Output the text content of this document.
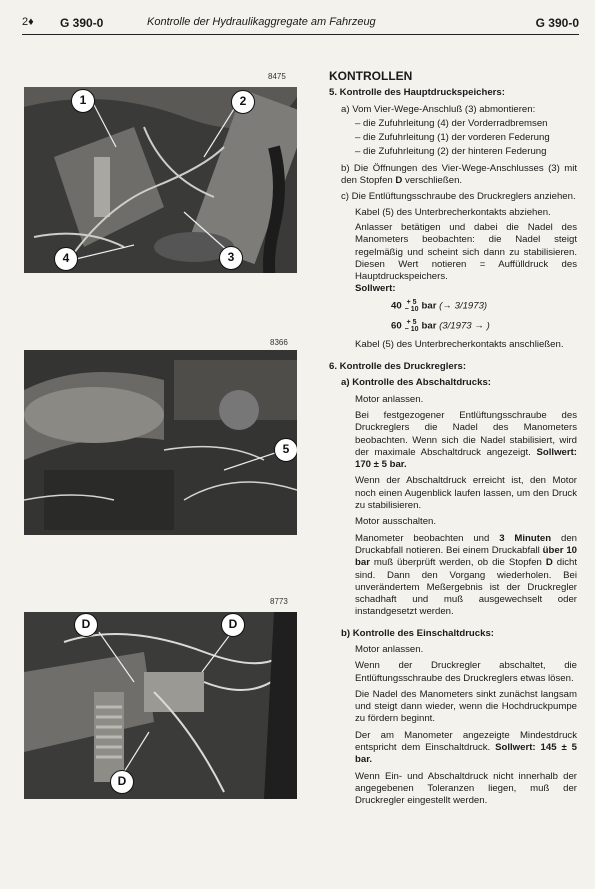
2♦ G 390-0	Kontrolle der Hydraulikaggregate am Fahrzeug	G 390-0
8475
1	2
3
4
8366
5
8773
D	D
D

KONTROLLEN

5. Kontrolle des Hauptdruckspeichers:

a) Vom Vier-Wege-Anschluß (3) abmontieren:

– die Zufuhrleitung (4) der Vorderradbremsen

– die Zufuhrleitung (1) der vorderen Federung

– die Zufuhrleitung (2) der hinteren Federung

b) Die Öffnungen des Vier-Wege-Anschlusses (3) mit den Stopfen D verschließen.

c) Die Entlüftungsschraube des Druckreglers anziehen.

Kabel (5) des Unterbrecherkontakts abziehen.

Anlasser betätigen und dabei die Nadel des Manometers beobachten: die Nadel steigt regelmäßig und scheint sich dann zu stabilisieren. Diesen Wert notieren = Auffülldruck des Hauptdruckspeichers.

Sollwert:

40 + 5
− 10 bar (→ 3/1973)

60 + 5
− 10 bar (3/1973 → )

Kabel (5) des Unterbrecherkontakts anschließen.

6. Kontrolle des Druckreglers:

a) Kontrolle des Abschaltdrucks:

Motor anlassen.

Bei festgezogener Entlüftungsschraube des Druckreglers die Nadel des Manometers beobachten. Wenn sich die Nadel stabilisiert, wird der maximale Abschaltdruck angezeigt. Sollwert: 170 ± 5 bar.

Wenn der Abschaltdruck erreicht ist, den Motor noch einen Augenblick laufen lassen, um den Druck zu stabilisieren.

Motor ausschalten.

Manometer beobachten und 3 Minuten den Druckabfall notieren. Bei einem Druckabfall über 10 bar muß überprüft werden, ob die Stopfen D dicht sind. Dann den Vorgang wiederholen. Bei unverändertem Meßergebnis ist der Druckregler schadhaft und muß ausgewechselt oder instandgesetzt werden.

b) Kontrolle des Einschaltdrucks:

Motor anlassen.

Wenn der Druckregler abschaltet, die Entlüftungsschraube des Druckreglers etwas lösen.

Die Nadel des Manometers sinkt zunächst langsam und steigt dann wieder, wenn die Hochdruckpumpe zu fördern beginnt.

Der am Manometer angezeigte Mindestdruck entspricht dem Einschaltdruck. Sollwert: 145 ± 5 bar.

Wenn Ein- und Abschaltdruck nicht innerhalb der angegebenen Toleranzen liegen, muß der Druckregler eingestellt werden.
